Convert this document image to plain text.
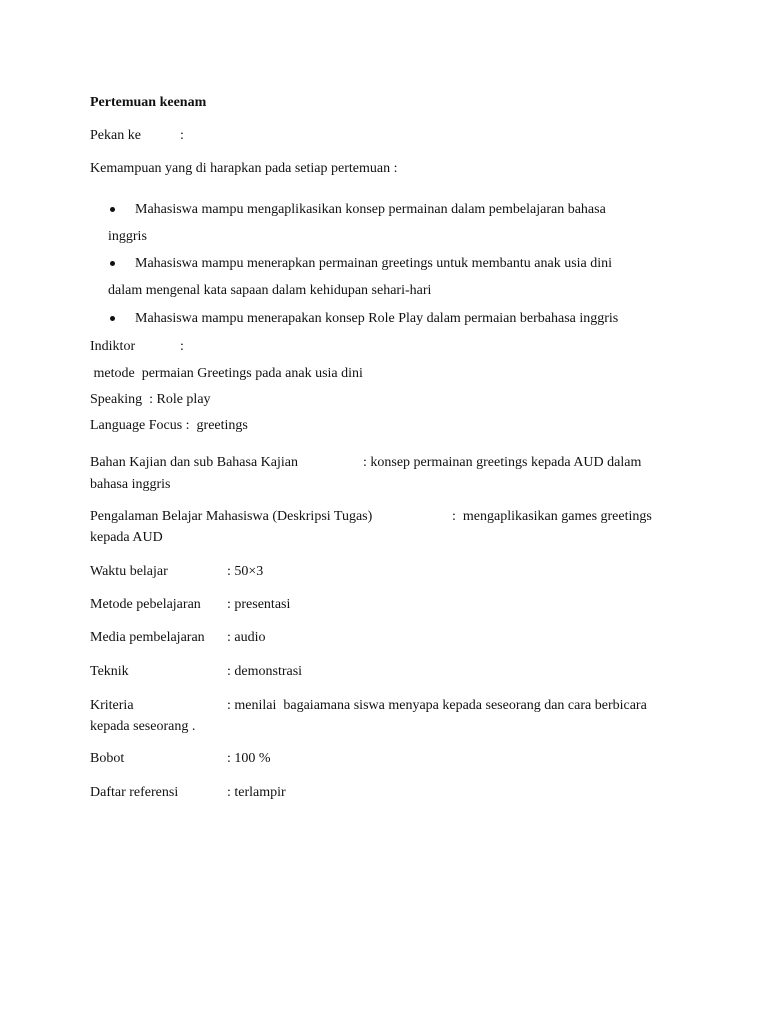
Pertemuan keenam
Pekan ke	:
Kemampuan yang di harapkan pada setiap pertemuan :
Mahasiswa mampu mengaplikasikan konsep permainan dalam pembelajaran bahasa
inggris
Mahasiswa mampu menerapkan permainan greetings untuk membantu anak usia dini
dalam mengenal kata sapaan dalam kehidupan sehari-hari
Mahasiswa mampu menerapakan konsep Role Play dalam permaian berbahasa inggris
Indiktor	:
metode  permaian Greetings pada anak usia dini
Speaking  : Role play
Language Focus :  greetings
Bahan Kajian dan sub Bahasa Kajian	: konsep permainan greetings kepada AUD dalam
bahasa inggris
Pengalaman Belajar Mahasiswa (Deskripsi Tugas)	:  mengaplikasikan games greetings
kepada AUD
Waktu belajar	: 50×3
Metode pebelajaran : presentasi
Media pembelajaran : audio
Teknik	: demonstrasi
Kriteria	: menilai  bagaiamana siswa menyapa kepada seseorang dan cara berbicara
kepada seseorang .
Bobot	: 100 %
Daftar referensi	: terlampir
